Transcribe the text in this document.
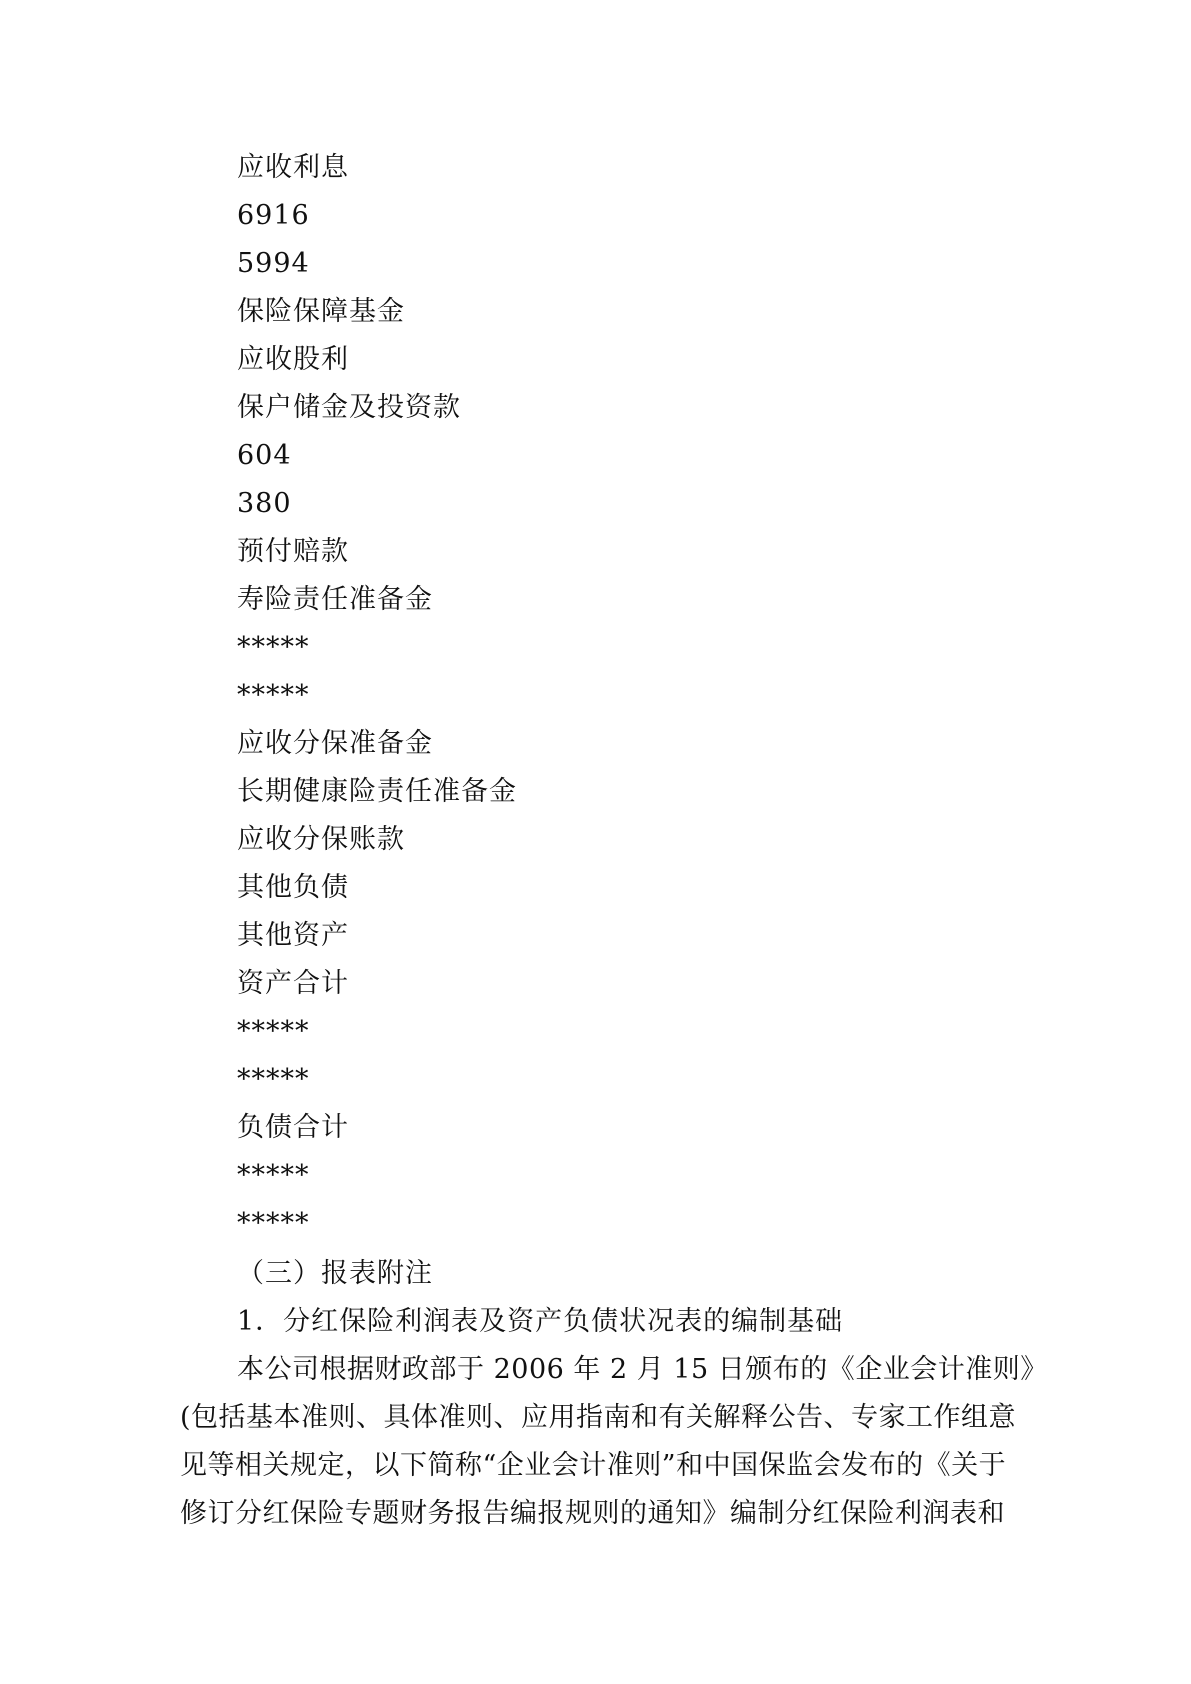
应收利息
6916
5994
保险保障基金
应收股利
保户储金及投资款
604
380
预付赔款
寿险责任准备金
*****
*****
应收分保准备金
长期健康险责任准备金
应收分保账款
其他负债
其他资产
资产合计
*****
*****
负债合计
*****
*****
（三）报表附注
1．分红保险利润表及资产负债状况表的编制基础

本公司根据财政部于 2006 年 2 月 15 日颁布的《企业会计准则》
(包括基本准则、具体准则、应用指南和有关解释公告、专家工作组意
见等相关规定，以下简称“企业会计准则”和中国保监会发布的《关于
修订分红保险专题财务报告编报规则的通知》编制分红保险利润表和
